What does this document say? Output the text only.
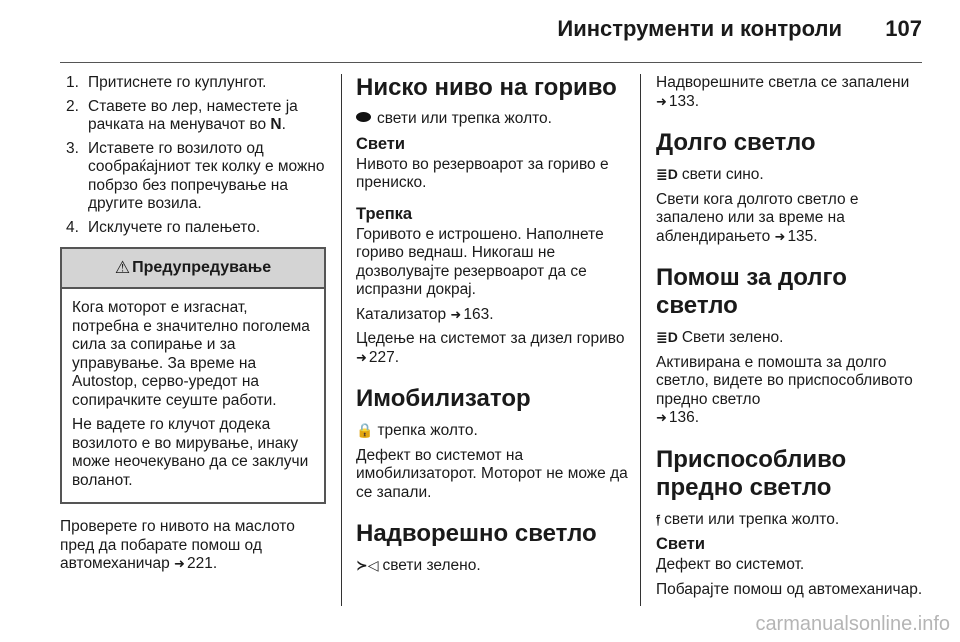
Иинструменти и контроли 107
1. Притиснете го куплунгот.
2. Ставете во лер, наместете ја рачката на менувачот во N.
3. Иставете го возилото од сообраќајниот тек колку е можно побрзо без попречување на другите возила.
4. Исклучете го палењето.
⚠ Предупредување

Кога моторот е изгаснат, потребна е значително поголема сила за сопирање и за управување. За време на Autostop, серво-уредот на сопирачките сеуште работи.

Не вадете го клучот додека возилото е во мирување, инаку може неочекувано да се заклучи воланот.

Проверете го нивото на маслото пред да побарате помош од автомеханичар ➜ 221.

Ниско ниво на гориво

свети или трепка жолто.

Свети

Нивото во резервоарот за гориво е прениско.

Трепка

Горивото е истрошено. Наполнете гориво веднаш. Никогаш не дозволувајте резервоарот да се испразни докрај.

Катализатор ➜ 163.

Цедење на системот за дизел гориво ➜ 227.

Имобилизатор

🔒 трепка жолто.

Дефект во системот на имобилизаторот. Моторот не може да се запали.

Надворешно светло

≻◁ свети зелено.

Надворешните светла се запалени
➜ 133.

Долго светло

≣D свети сино.

Свети кога долгото светло е запалено или за време на аблендирањето ➜ 135.

Помош за долго светло

≣D Свети зелено.

Активирана е помошта за долго светло, видете во приспособливото предно светло
➜ 136.

Приспособливо предно светло

𝔣 свети или трепка жолто.

Свети

Дефект во системот.

Побарајте помош од автомеханичар.

carmanualsonline.info
